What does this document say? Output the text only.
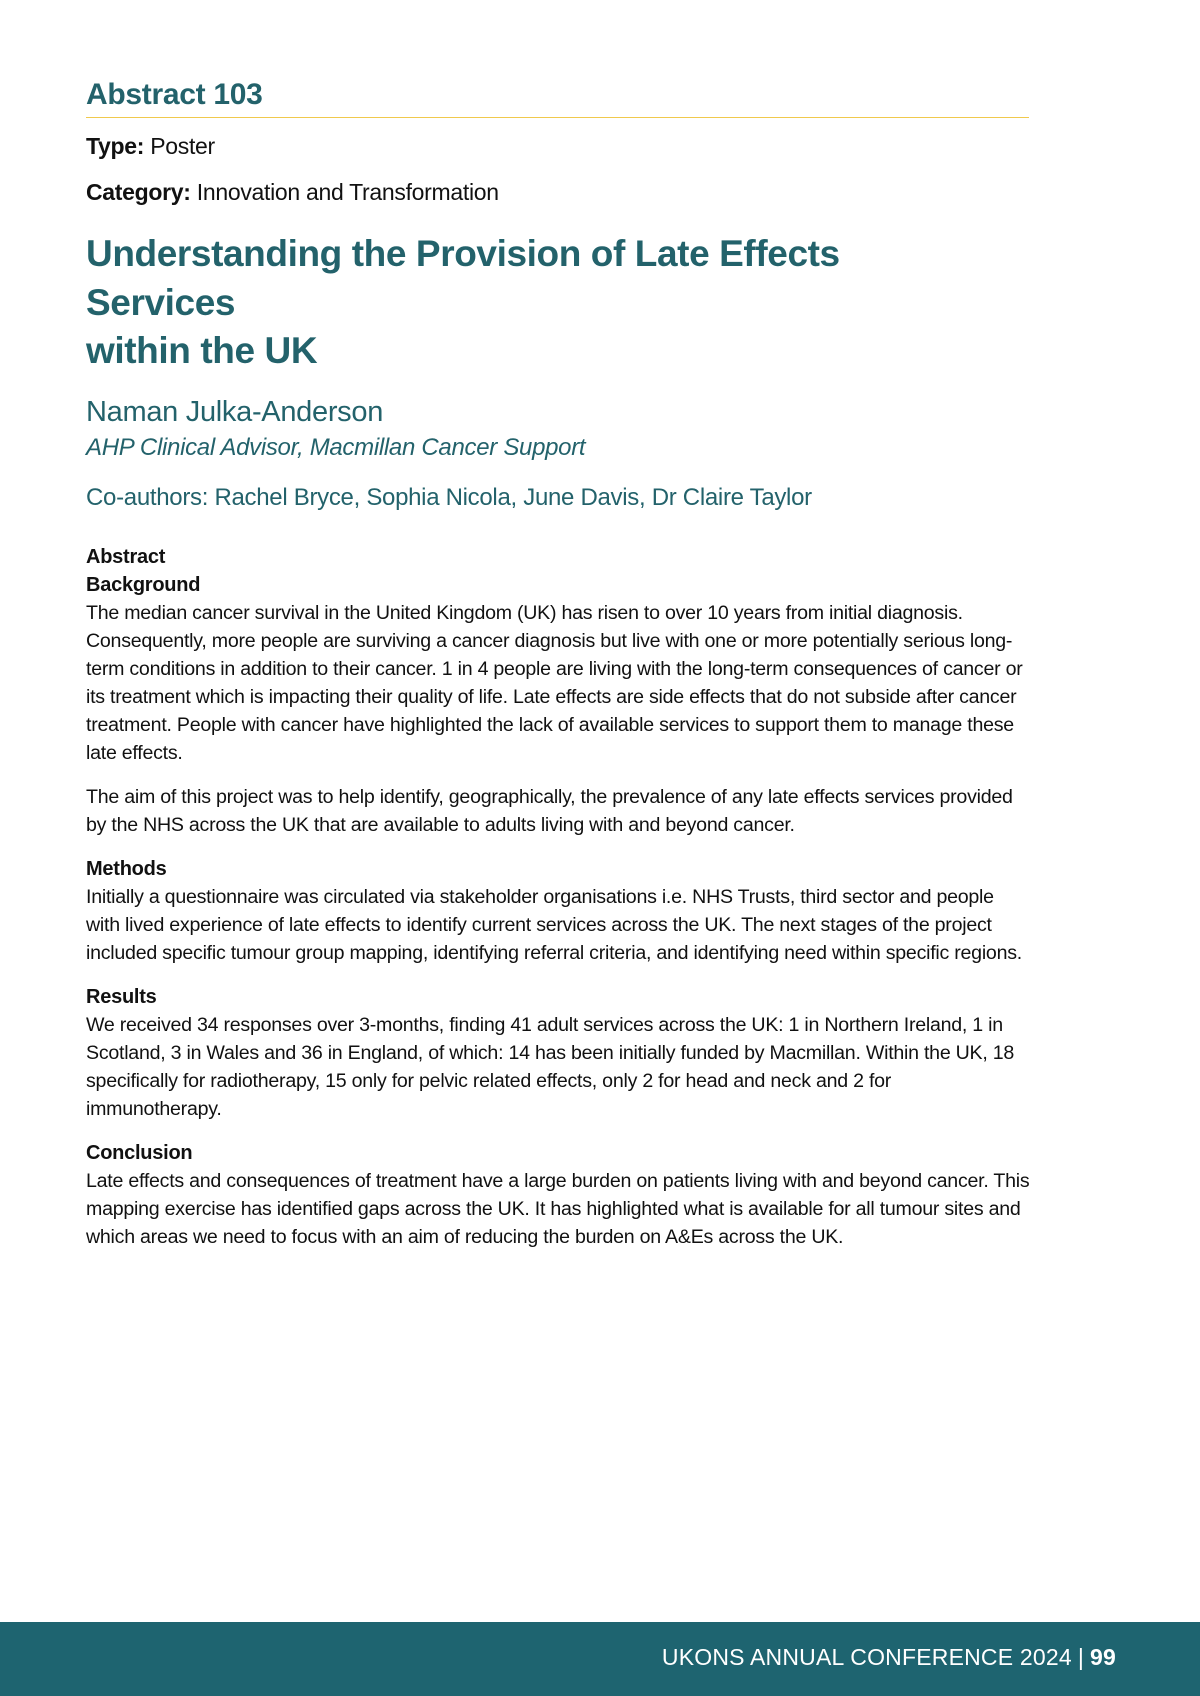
Abstract 103

Type: Poster

Category: Innovation and Transformation

Understanding the Provision of Late Effects Services
within the UK

Naman Julka-Anderson

AHP Clinical Advisor, Macmillan Cancer Support

Co-authors: Rachel Bryce, Sophia Nicola, June Davis, Dr Claire Taylor

Abstract

Background

The median cancer survival in the United Kingdom (UK) has risen to over 10 years from initial diagnosis. Consequently, more people are surviving a cancer diagnosis but live with one or more potentially serious long-term conditions in addition to their cancer. 1 in 4 people are living with the long-term consequences of cancer or its treatment which is impacting their quality of life. Late effects are side effects that do not subside after cancer treatment. People with cancer have highlighted the lack of available services to support them to manage these late effects.

The aim of this project was to help identify, geographically, the prevalence of any late effects services provided by the NHS across the UK that are available to adults living with and beyond cancer.

Methods

Initially a questionnaire was circulated via stakeholder organisations i.e. NHS Trusts, third sector and people with lived experience of late effects to identify current services across the UK. The next stages of the project included specific tumour group mapping, identifying referral criteria, and identifying need within specific regions.

Results

We received 34 responses over 3-months, finding 41 adult services across the UK: 1 in Northern Ireland, 1 in Scotland, 3 in Wales and 36 in England, of which: 14 has been initially funded by Macmillan. Within the UK, 18 specifically for radiotherapy, 15 only for pelvic related effects, only 2 for head and neck and 2 for immunotherapy.

Conclusion

Late effects and consequences of treatment have a large burden on patients living with and beyond cancer. This mapping exercise has identified gaps across the UK. It has highlighted what is available for all tumour sites and which areas we need to focus with an aim of reducing the burden on A&Es across the UK.

UKONS ANNUAL CONFERENCE 2024 | 99
